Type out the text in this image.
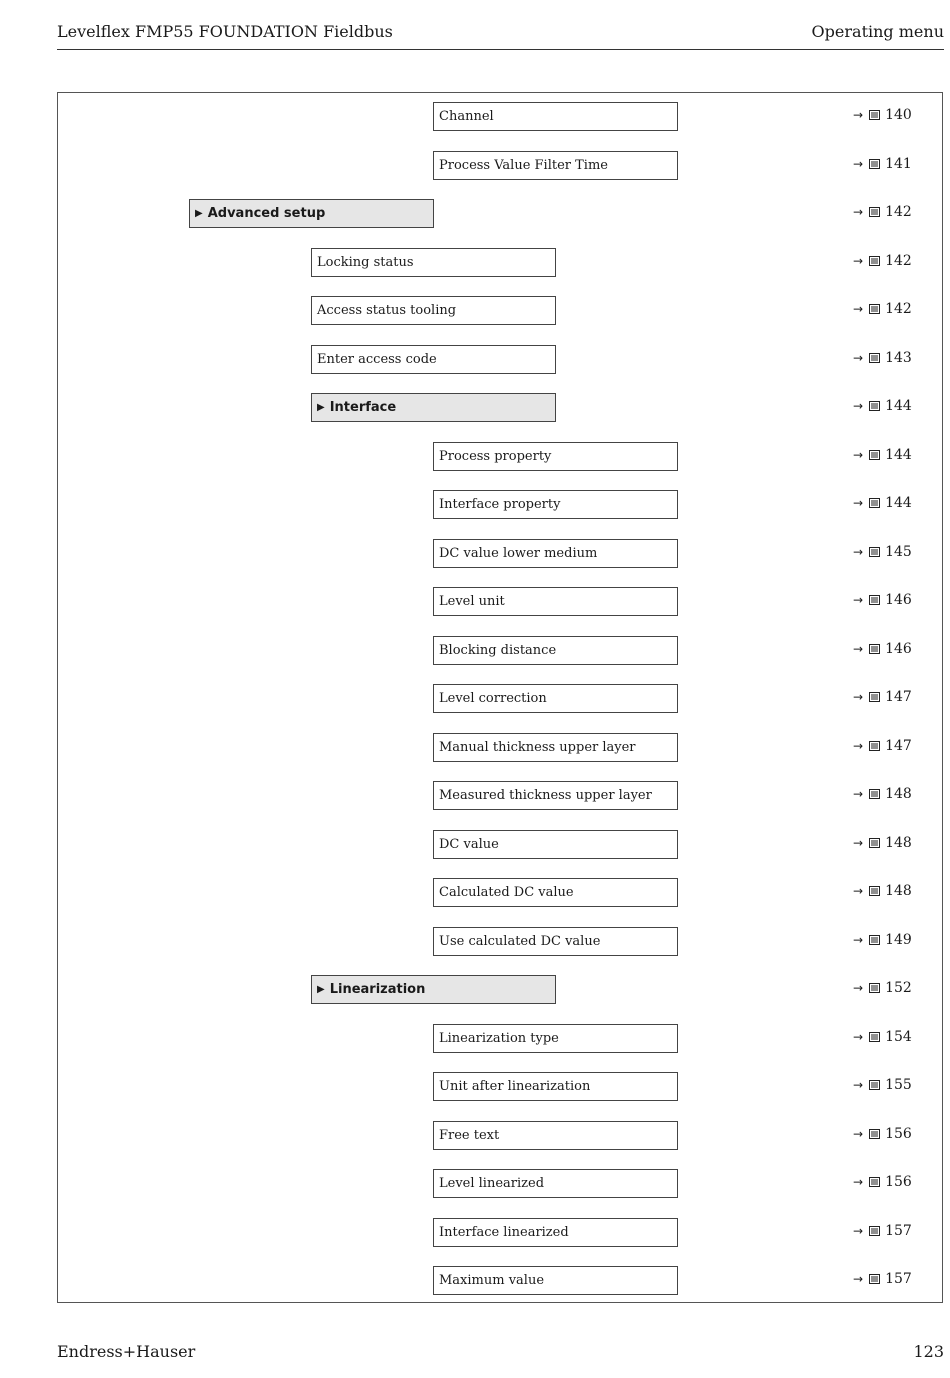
Levelflex FMP55 FOUNDATION Fieldbus	Operating menu
Channel	→ 140
Process Value Filter Time	→ 141
▶ Advanced setup	→ 142
Locking status	→ 142
Access status tooling	→ 142
Enter access code	→ 143
▶ Interface	→ 144
Process property	→ 144
Interface property	→ 144
DC value lower medium	→ 145
Level unit	→ 146
Blocking distance	→ 146
Level correction	→ 147
Manual thickness upper layer	→ 147
Measured thickness upper layer	→ 148
DC value	→ 148
Calculated DC value	→ 148
Use calculated DC value	→ 149
▶ Linearization	→ 152
Linearization type	→ 154
Unit after linearization	→ 155
Free text	→ 156
Level linearized	→ 156
Interface linearized	→ 157
Maximum value	→ 157
Endress+Hauser	123
